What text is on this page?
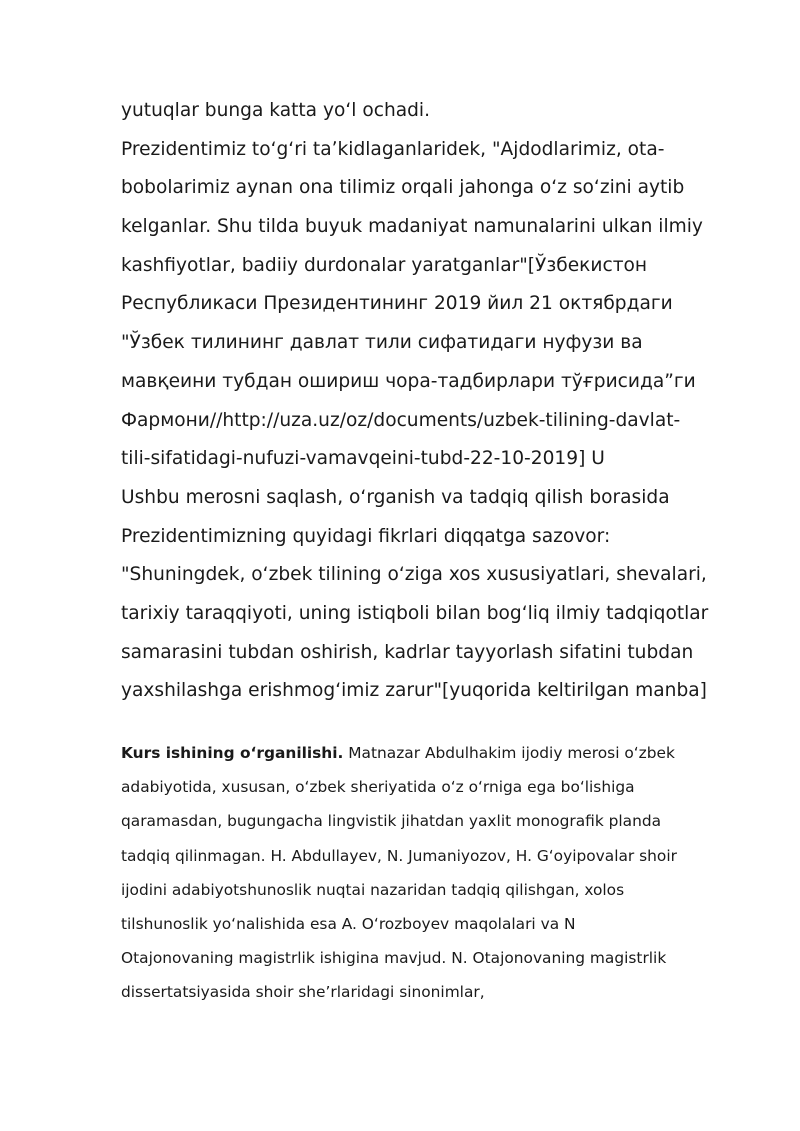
yutuqlar bunga katta yoʻl ochadi.
Prezidentimiz toʻgʻri taʼkidlaganlaridek, "Ajdodlarimiz, ota-
bobolarimiz aynan ona tilimiz orqali jahonga oʻz soʻzini aytib
kelganlar. Shu tilda buyuk madaniyat namunalarini ulkan ilmiy
kashfiyotlar, badiiy durdonalar yaratganlar"[Ўзбекистон
Республикаси Президентининг 2019 йил 21 октябрдаги
"Ўзбек тилининг давлат тили сифатидаги нуфузи ва
мавқеини тубдан ошириш чора-тадбирлари тўғрисида”ги
Фармони//http://uza.uz/oz/documents/uzbek-tilining-davlat-
tili-sifatidagi-nufuzi-vamavqeini-tubd-22-10-2019] U
Ushbu merosni saqlash, oʻrganish va tadqiq qilish borasida
Prezidentimizning quyidagi fikrlari diqqatga sazovor:
"Shuningdek, oʻzbek tilining oʻziga xos xususiyatlari, shevalari,
tarixiy taraqqiyoti, uning istiqboli bilan bogʻliq ilmiy tadqiqotlar
samarasini tubdan oshirish, kadrlar tayyorlash sifatini tubdan
yaxshilashga erishmogʻimiz zarur"[yuqorida keltirilgan manba]
Kurs ishining oʻrganilishi. Matnazar Abdulhakim ijodiy merosi oʻzbek
adabiyotida, xususan, oʻzbek sheriyatida oʻz oʻrniga ega boʻlishiga
qaramasdan, bugungacha lingvistik jihatdan yaxlit monografik planda
tadqiq qilinmagan. H. Abdullayev, N. Jumaniyozov, H. Gʻoyipovalar shoir
ijodini adabiyotshunoslik nuqtai nazaridan tadqiq qilishgan, xolos
tilshunoslik yoʻnalishida esa A. Oʻrozboyev maqolalari va N
Otajonovaning magistrlik ishigina mavjud. N. Otajonovaning magistrlik
dissertatsiyasida shoir sheʼrlaridagi sinonimlar,
